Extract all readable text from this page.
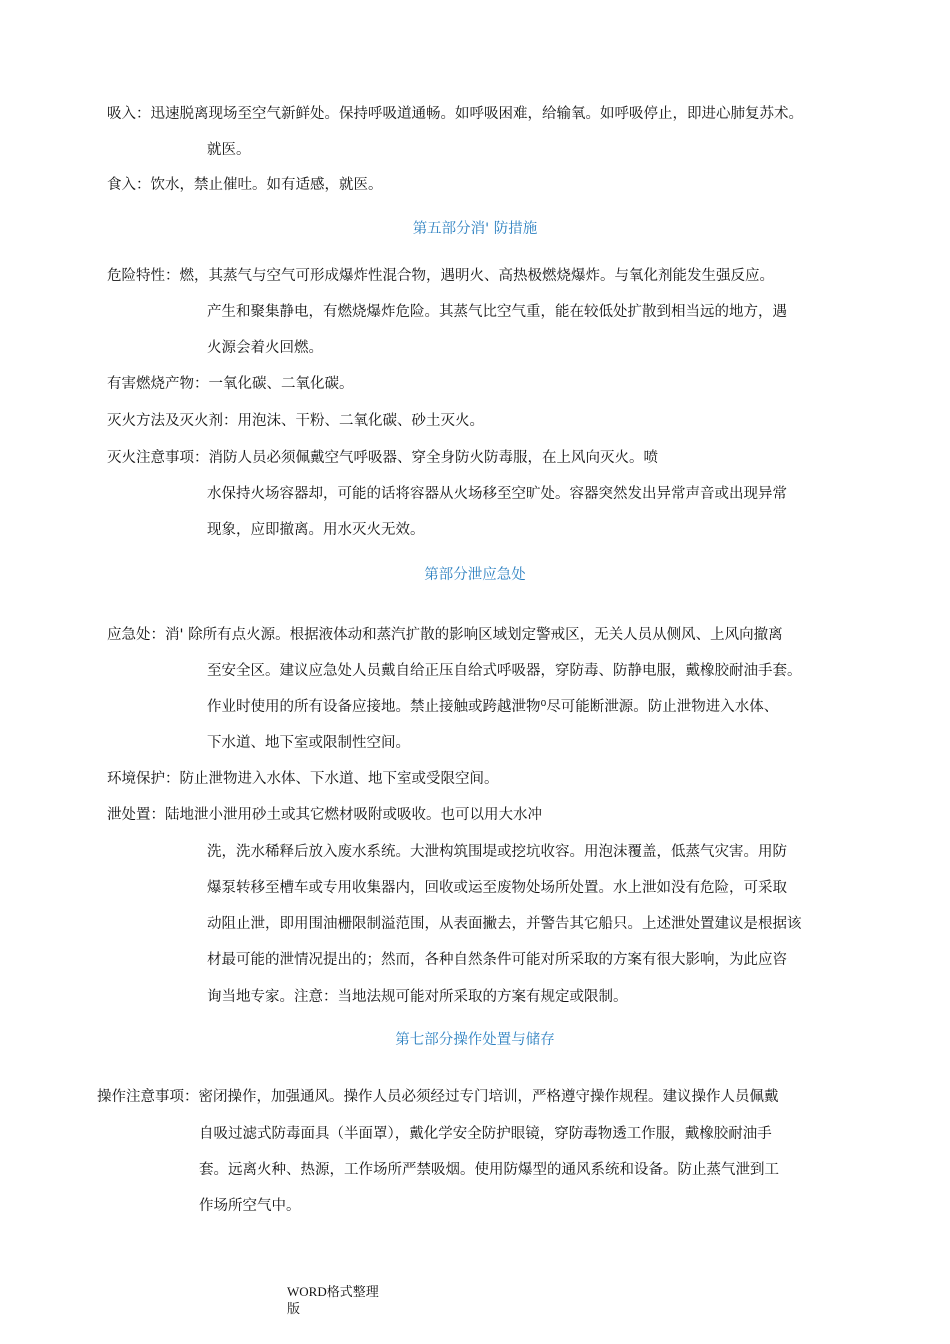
吸入：迅速脱离现场至空气新鲜处。保持呼吸道通畅。如呼吸困难，给输氧。如呼吸停止，即进心肺复苏术。
就医。
食入：饮水，禁止催吐。如有适感，就医。
第五部分消' 防措施
危险特性：燃，其蒸气与空气可形成爆炸性混合物，遇明火、高热极燃烧爆炸。与氧化剂能发生强反应。
产生和聚集静电，有燃烧爆炸危险。其蒸气比空气重，能在较低处扩散到相当远的地方，遇
火源会着火回燃。
有害燃烧产物：一氧化碳、二氧化碳。
灭火方法及灭火剂：用泡沫、干粉、二氧化碳、砂土灭火。
灭火注意事项：消防人员必须佩戴空气呼吸器、穿全身防火防毒服，在上风向灭火。喷
水保持火场容器却，可能的话将容器从火场移至空旷处。容器突然发出异常声音或出现异常
现象，应即撤离。用水灭火无效。
第部分泄应急处
应急处：消' 除所有点火源。根据液体动和蒸汽扩散的影响区域划定警戒区，无关人员从侧风、上风向撤离
至安全区。建议应急处人员戴自给正压自给式呼吸器，穿防毒、防静电服，戴橡胶耐油手套。
作业时使用的所有设备应接地。禁止接触或跨越泄物⁰尽可能断泄源。防止泄物进入水体、
下水道、地下室或限制性空间。
环境保护：防止泄物进入水体、下水道、地下室或受限空间。
泄处置：陆地泄小泄用砂土或其它燃材吸附或吸收。也可以用大水冲
洗，洗水稀释后放入废水系统。大泄构筑围堤或挖坑收容。用泡沫覆盖，低蒸气灾害。用防
爆泵转移至槽车或专用收集器内，回收或运至废物处场所处置。水上泄如没有危险，可采取
动阻止泄，即用围油栅限制溢范围，从表面撇去，并警告其它船只。上述泄处置建议是根据该
材最可能的泄情况提出的；然而，各种自然条件可能对所采取的方案有很大影响，为此应咨
询当地专家。注意：当地法规可能对所采取的方案有规定或限制。
第七部分操作处置与储存
操作注意事项：密闭操作，加强通风。操作人员必须经过专门培训，严格遵守操作规程。建议操作人员佩戴
自吸过滤式防毒面具（半面罩），戴化学安全防护眼镜，穿防毒物透工作服，戴橡胶耐油手
套。远离火种、热源，工作场所严禁吸烟。使用防爆型的通风系统和设备。防止蒸气泄到工
作场所空气中。
WORD格式整理
版
